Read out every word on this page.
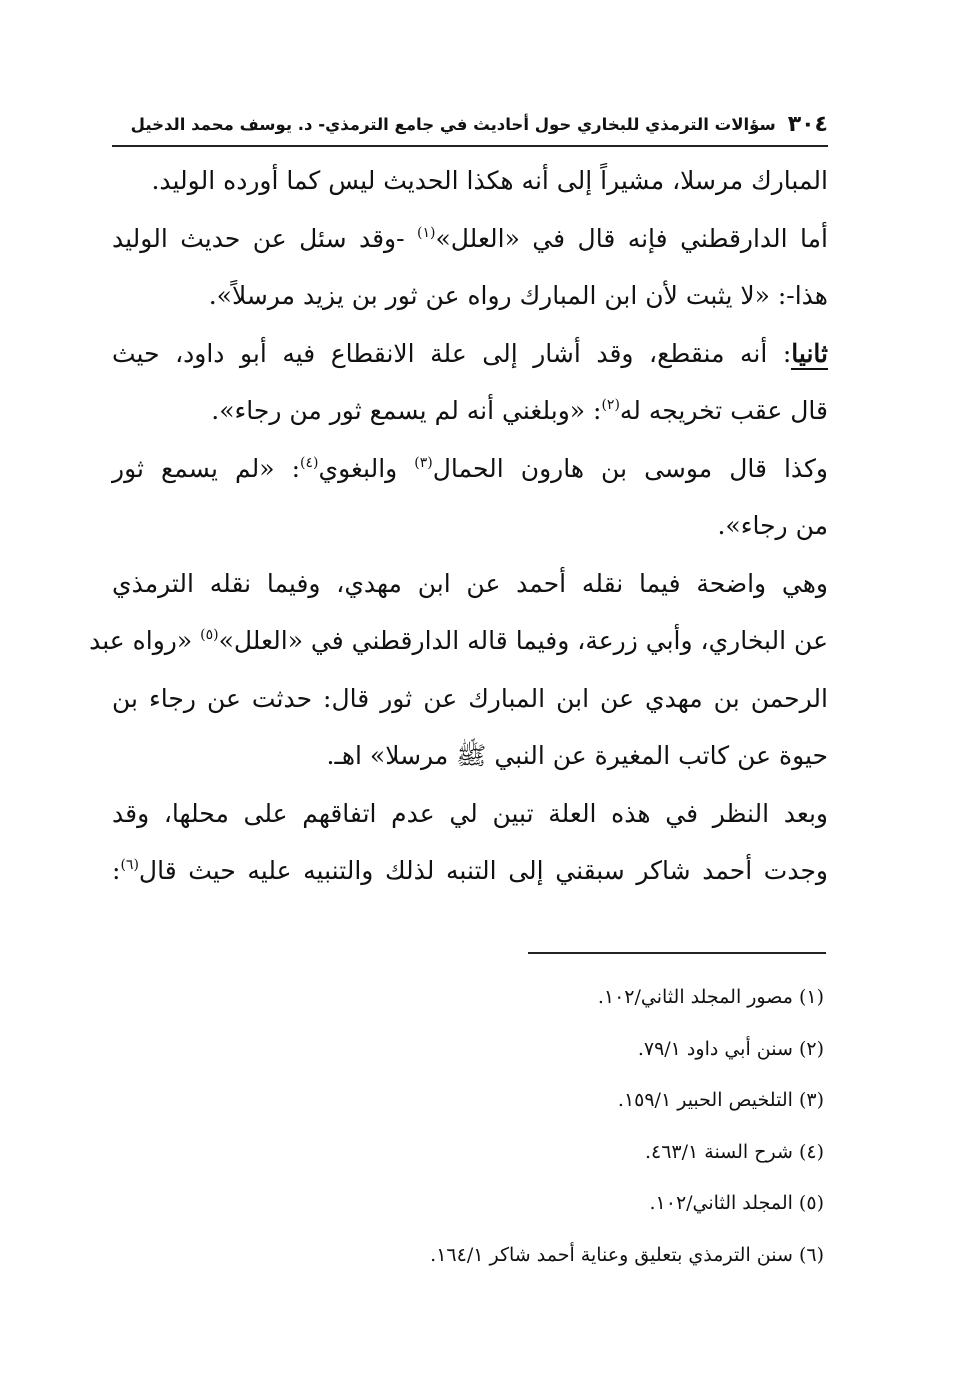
٣٠٤
سؤالات الترمذي للبخاري حول أحاديث في جامع الترمذي- د. يوسف محمد الدخيل
المبارك مرسلا، مشيراً إلى أنه هكذا الحديث ليس كما أورده الوليد.
أما الدارقطني فإنه قال في «العلل»$^{(١)}$ -وقد سئل عن حديث الوليد
هذا-: «لا يثبت لأن ابن المبارك رواه عن ثور بن يزيد مرسلاً».
ثانيا: أنه منقطع، وقد أشار إلى علة الانقطاع فيه أبو داود، حيث
قال عقب تخريجه له$^{(٢)}$: «وبلغني أنه لم يسمع ثور من رجاء».
وكذا قال موسى بن هارون الحمال$^{(٣)}$ والبغوي$^{(٤)}$: «لم يسمع ثور
من رجاء».
وهي واضحة فيما نقله أحمد عن ابن مهدي، وفيما نقله الترمذي
عن البخاري، وأبي زرعة، وفيما قاله الدارقطني في «العلل»$^{(٥)}$ «رواه عبد
الرحمن بن مهدي عن ابن المبارك عن ثور قال: حدثت عن رجاء بن
حيوة عن كاتب المغيرة عن النبي ﷺ مرسلا» اهـ.
وبعد النظر في هذه العلة تبين لي عدم اتفاقهم على محلها، وقد
وجدت أحمد شاكر سبقني إلى التنبه لذلك والتنبيه عليه حيث قال$^{(٦)}$:
(١) مصور المجلد الثاني/١٠٢.
(٢) سنن أبي داود ٧٩/١.
(٣) التلخيص الحبير ١٥٩/١.
(٤) شرح السنة ٤٦٣/١.
(٥) المجلد الثاني/١٠٢.
(٦) سنن الترمذي بتعليق وعناية أحمد شاكر ١٦٤/١.
